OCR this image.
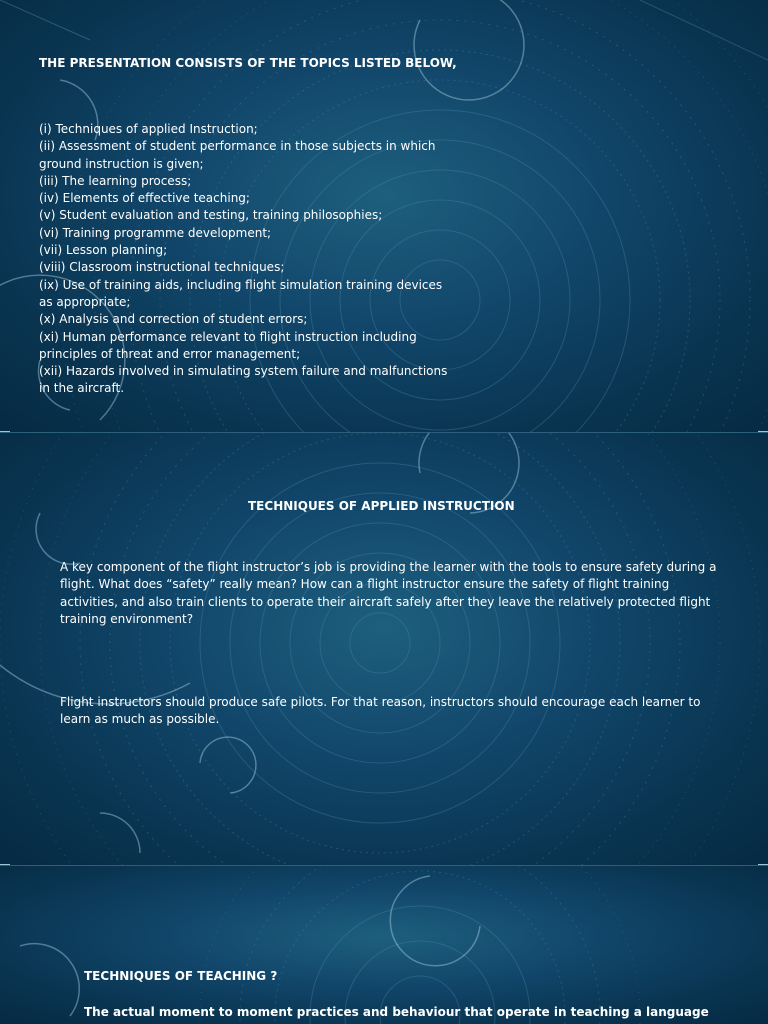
THE PRESENTATION CONSISTS OF THE TOPICS LISTED BELOW,
(i) Techniques of applied Instruction;
(ii) Assessment of student performance in those subjects in which
ground instruction is given;
(iii) The learning process;
(iv) Elements of effective teaching;
(v) Student evaluation and testing, training philosophies;
(vi) Training programme development;
(vii) Lesson planning;
(viii) Classroom instructional techniques;
(ix) Use of training aids, including flight simulation training devices
as appropriate;
(x) Analysis and correction of student errors;
(xi) Human performance relevant to flight instruction including
principles of threat and error management;
(xii) Hazards involved in simulating system failure and malfunctions
in the aircraft.
TECHNIQUES OF APPLIED INSTRUCTION
A key component of the flight instructor’s job is providing the learner with the tools to ensure safety during a
flight. What does “safety” really mean? How can a flight instructor ensure the safety of flight training
activities, and also train clients to operate their aircraft safely after they leave the relatively protected flight
training environment?
Flight instructors should produce safe pilots. For that reason, instructors should encourage each learner to
learn as much as possible.
TECHNIQUES OF TEACHING ?
The actual moment to moment practices and behaviour that operate in teaching a language
